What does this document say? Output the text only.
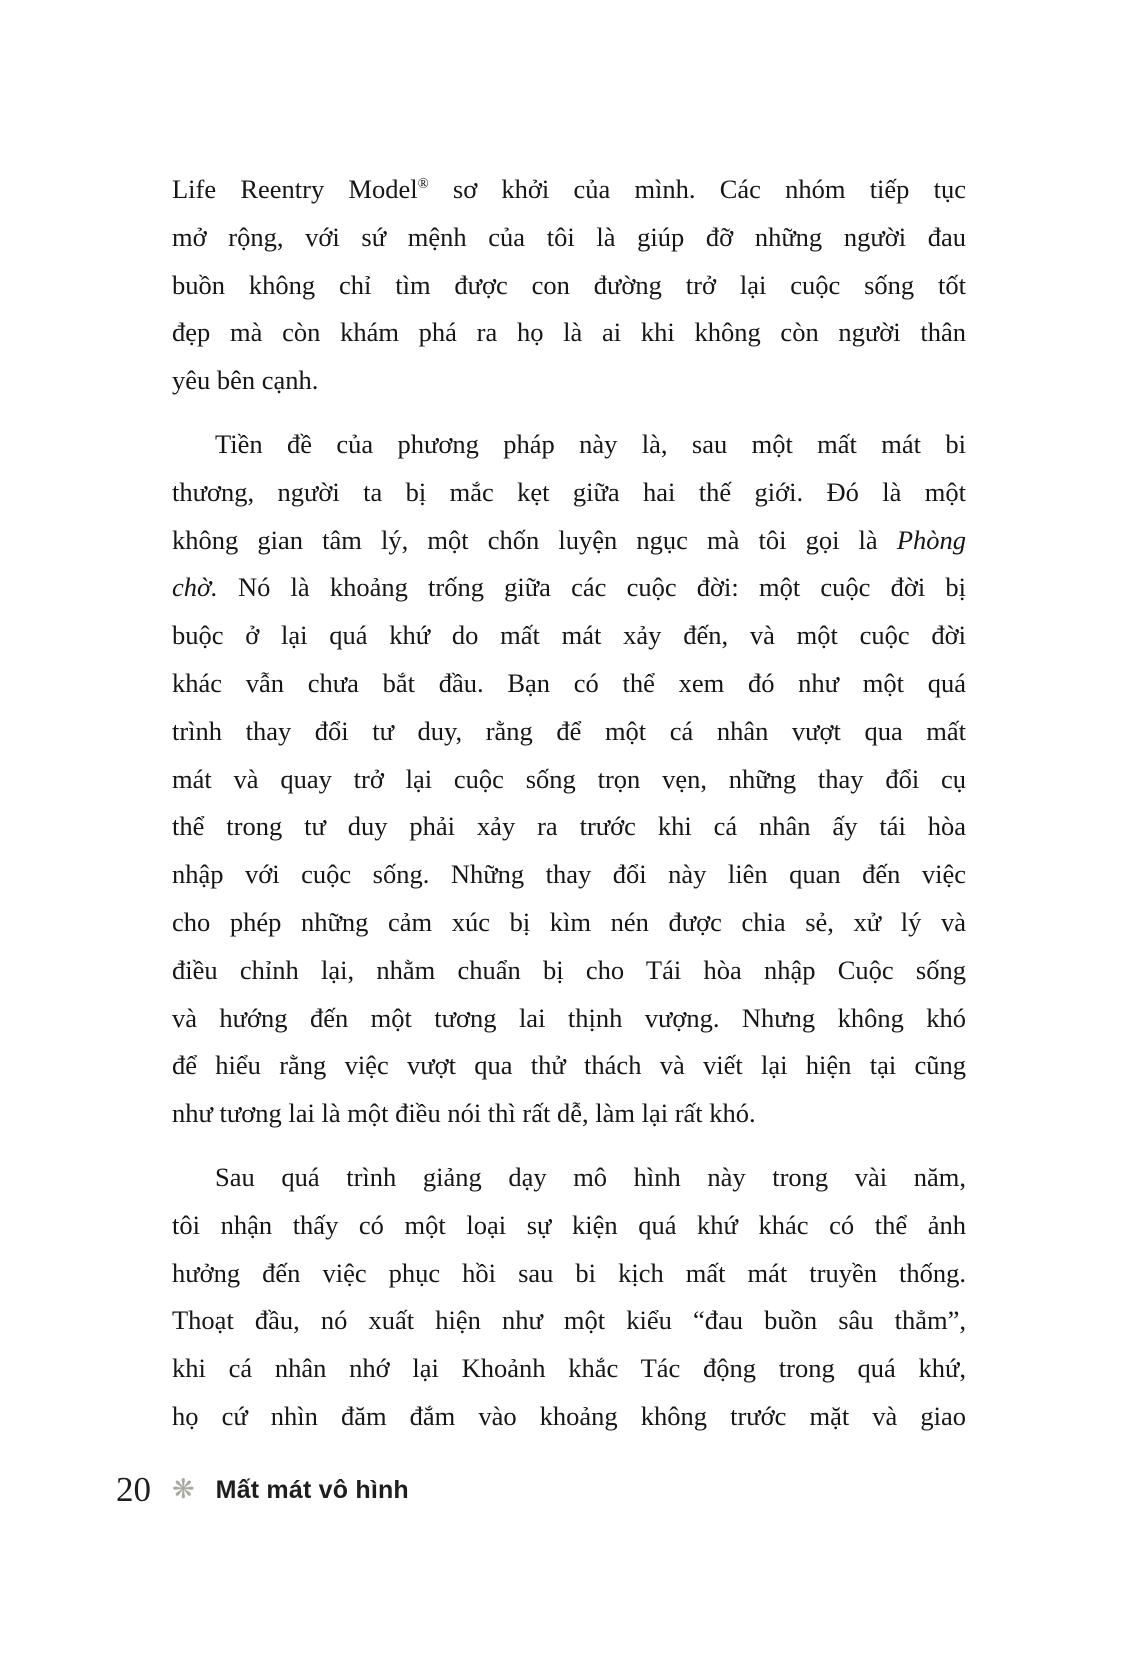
Life Reentry Model® sơ khởi của mình. Các nhóm tiếp tục
mở rộng, với sứ mệnh của tôi là giúp đỡ những người đau
buồn không chỉ tìm được con đường trở lại cuộc sống tốt
đẹp mà còn khám phá ra họ là ai khi không còn người thân
yêu bên cạnh.
Tiền đề của phương pháp này là, sau một mất mát bi
thương, người ta bị mắc kẹt giữa hai thế giới. Đó là một
không gian tâm lý, một chốn luyện ngục mà tôi gọi là Phòng
chờ. Nó là khoảng trống giữa các cuộc đời: một cuộc đời bị
buộc ở lại quá khứ do mất mát xảy đến, và một cuộc đời
khác vẫn chưa bắt đầu. Bạn có thể xem đó như một quá
trình thay đổi tư duy, rằng để một cá nhân vượt qua mất
mát và quay trở lại cuộc sống trọn vẹn, những thay đổi cụ
thể trong tư duy phải xảy ra trước khi cá nhân ấy tái hòa
nhập với cuộc sống. Những thay đổi này liên quan đến việc
cho phép những cảm xúc bị kìm nén được chia sẻ, xử lý và
điều chỉnh lại, nhằm chuẩn bị cho Tái hòa nhập Cuộc sống
và hướng đến một tương lai thịnh vượng. Nhưng không khó
để hiểu rằng việc vượt qua thử thách và viết lại hiện tại cũng
như tương lai là một điều nói thì rất dễ, làm lại rất khó.
Sau quá trình giảng dạy mô hình này trong vài năm,
tôi nhận thấy có một loại sự kiện quá khứ khác có thể ảnh
hưởng đến việc phục hồi sau bi kịch mất mát truyền thống.
Thoạt đầu, nó xuất hiện như một kiểu “đau buồn sâu thẳm”,
khi cá nhân nhớ lại Khoảnh khắc Tác động trong quá khứ,
họ cứ nhìn đăm đắm vào khoảng không trước mặt và giao
20 ❋ Mất mát vô hình
